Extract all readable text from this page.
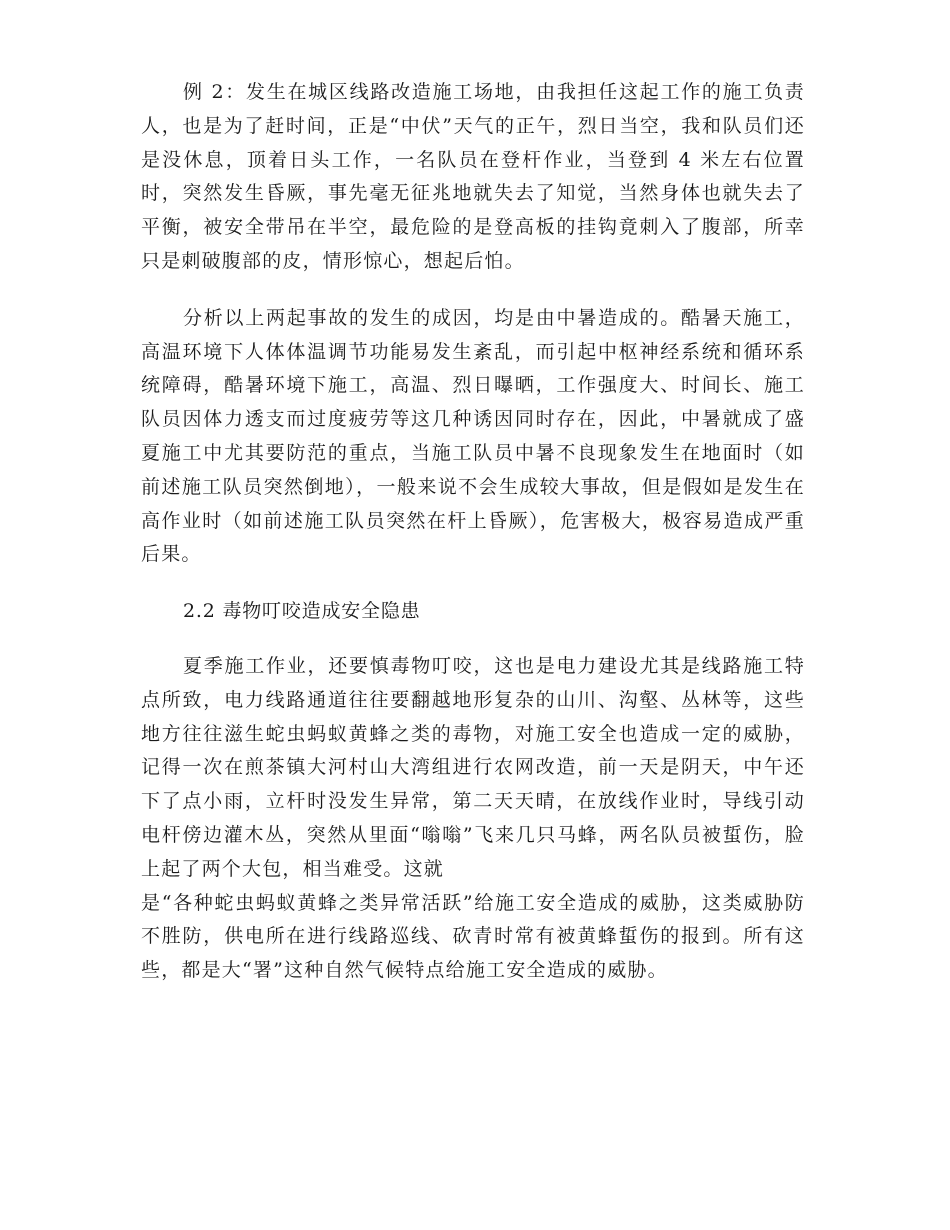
例 2：发生在城区线路改造施工场地，由我担任这起工作的施工负责人，也是为了赶时间，正是“中伏”天气的正午，烈日当空，我和队员们还是没休息，顶着日头工作，一名队员在登杆作业，当登到 4 米左右位置时，突然发生昏厥，事先毫无征兆地就失去了知觉，当然身体也就失去了平衡，被安全带吊在半空，最危险的是登高板的挂钩竟刺入了腹部，所幸只是刺破腹部的皮，情形惊心，想起后怕。

分析以上两起事故的发生的成因，均是由中暑造成的。酷暑天施工，高温环境下人体体温调节功能易发生紊乱，而引起中枢神经系统和循环系统障碍，酷暑环境下施工，高温、烈日曝晒，工作强度大、时间长、施工队员因体力透支而过度疲劳等这几种诱因同时存在，因此，中暑就成了盛夏施工中尤其要防范的重点，当施工队员中暑不良现象发生在地面时（如前述施工队员突然倒地），一般来说不会生成较大事故，但是假如是发生在高作业时（如前述施工队员突然在杆上昏厥），危害极大，极容易造成严重后果。

2.2 毒物叮咬造成安全隐患

夏季施工作业，还要慎毒物叮咬，这也是电力建设尤其是线路施工特点所致，电力线路通道往往要翻越地形复杂的山川、沟壑、丛林等，这些地方往往滋生蛇虫蚂蚁黄蜂之类的毒物，对施工安全也造成一定的威胁，记得一次在煎茶镇大河村山大湾组进行农网改造，前一天是阴天，中午还下了点小雨，立杆时没发生异常，第二天天晴，在放线作业时，导线引动电杆傍边灌木丛，突然从里面“嗡嗡”飞来几只马蜂，两名队员被蜇伤，脸上起了两个大包，相当难受。这就

是“各种蛇虫蚂蚁黄蜂之类异常活跃”给施工安全造成的威胁，这类威胁防不胜防，供电所在进行线路巡线、砍青时常有被黄蜂蜇伤的报到。所有这些，都是大“署”这种自然气候特点给施工安全造成的威胁。
